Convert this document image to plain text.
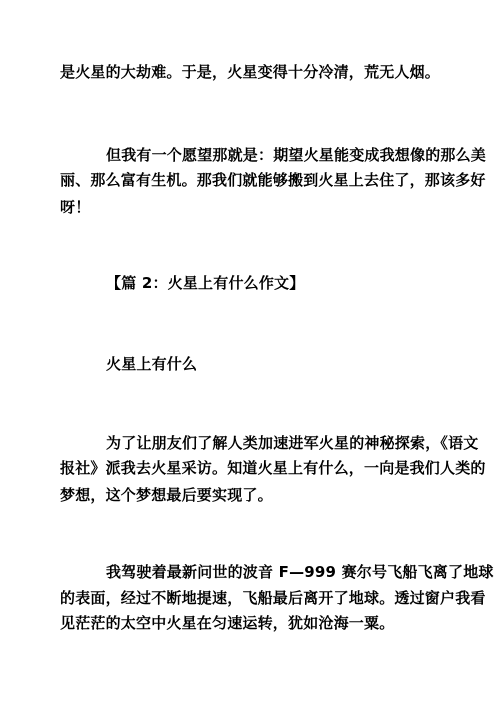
是火星的大劫难。于是，火星变得十分冷清，荒无人烟。
但我有一个愿望那就是：期望火星能变成我想像的那么美
丽、那么富有生机。那我们就能够搬到火星上去住了，那该多好
呀！
【篇 2：火星上有什么作文】
火星上有什么
为了让朋友们了解人类加速进军火星的神秘探索，《语文
报社》派我去火星采访。知道火星上有什么，一向是我们人类的
梦想，这个梦想最后要实现了。
我驾驶着最新问世的波音 F—999 赛尔号飞船飞离了地球
的表面，经过不断地提速，飞船最后离开了地球。透过窗户我看
见茫茫的太空中火星在匀速运转，犹如沧海一粟。
